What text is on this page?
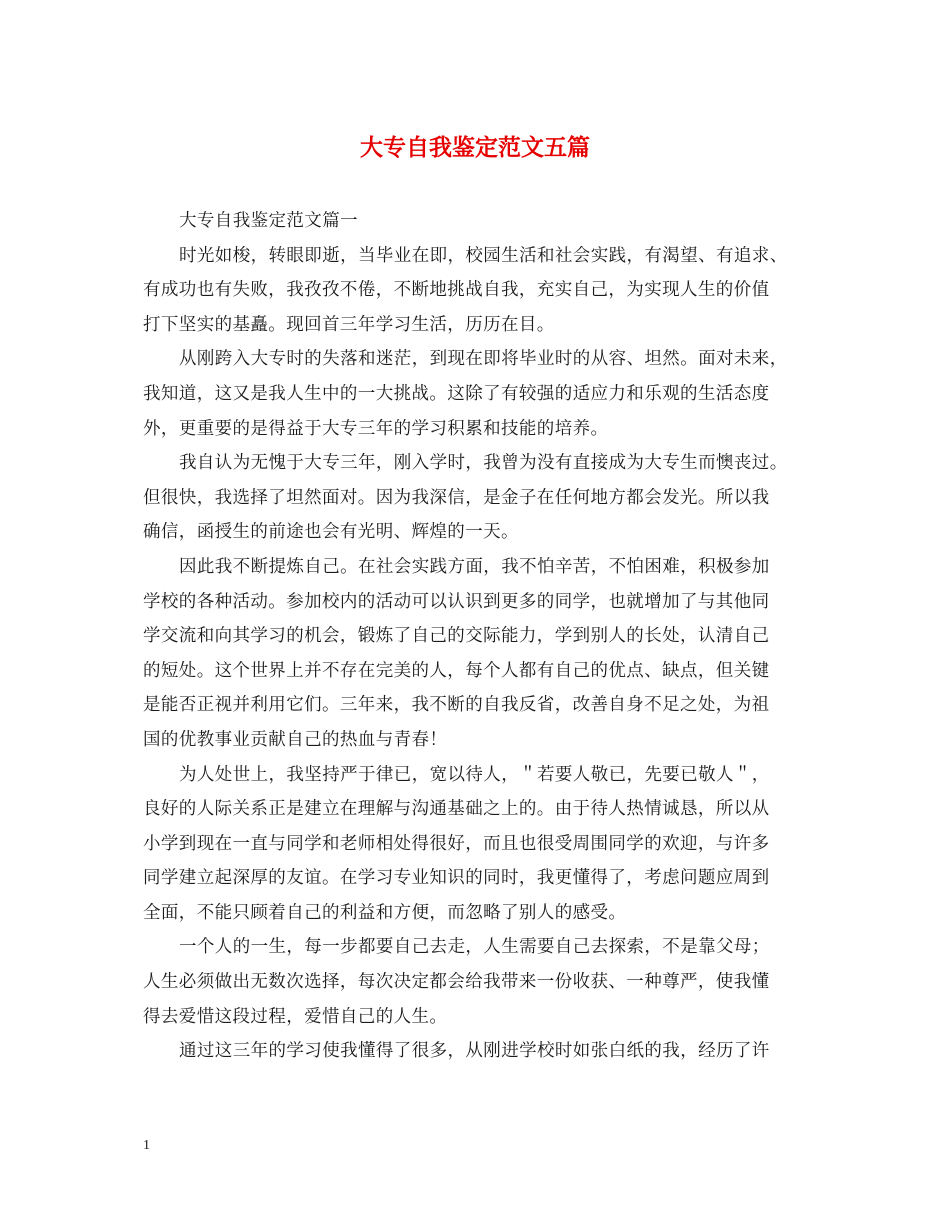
大专自我鉴定范文五篇

大专自我鉴定范文篇一

时光如梭，转眼即逝，当毕业在即，校园生活和社会实践，有渴望、有追求、
有成功也有失败，我孜孜不倦，不断地挑战自我，充实自己，为实现人生的价值
打下坚实的基矗。现回首三年学习生活，历历在目。

从刚跨入大专时的失落和迷茫，到现在即将毕业时的从容、坦然。面对未来，
我知道，这又是我人生中的一大挑战。这除了有较强的适应力和乐观的生活态度
外，更重要的是得益于大专三年的学习积累和技能的培养。

我自认为无愧于大专三年，刚入学时，我曾为没有直接成为大专生而懊丧过。
但很快，我选择了坦然面对。因为我深信，是金子在任何地方都会发光。所以我
确信，函授生的前途也会有光明、辉煌的一天。

因此我不断提炼自己。在社会实践方面，我不怕辛苦，不怕困难，积极参加
学校的各种活动。参加校内的活动可以认识到更多的同学，也就增加了与其他同
学交流和向其学习的机会，锻炼了自己的交际能力，学到别人的长处，认清自己
的短处。这个世界上并不存在完美的人，每个人都有自己的优点、缺点，但关键
是能否正视并利用它们。三年来，我不断的自我反省，改善自身不足之处，为祖
国的优教事业贡献自己的热血与青春！

为人处世上，我坚持严于律已，宽以待人，＂若要人敬已，先要已敬人＂，
良好的人际关系正是建立在理解与沟通基础之上的。由于待人热情诚恳，所以从
小学到现在一直与同学和老师相处得很好，而且也很受周围同学的欢迎，与许多
同学建立起深厚的友谊。在学习专业知识的同时，我更懂得了，考虑问题应周到
全面，不能只顾着自己的利益和方便，而忽略了别人的感受。

一个人的一生，每一步都要自己去走，人生需要自己去探索，不是靠父母；
人生必须做出无数次选择，每次决定都会给我带来一份收获、一种尊严，使我懂
得去爱惜这段过程，爱惜自己的人生。

通过这三年的学习使我懂得了很多，从刚进学校时如张白纸的我，经历了许

1
